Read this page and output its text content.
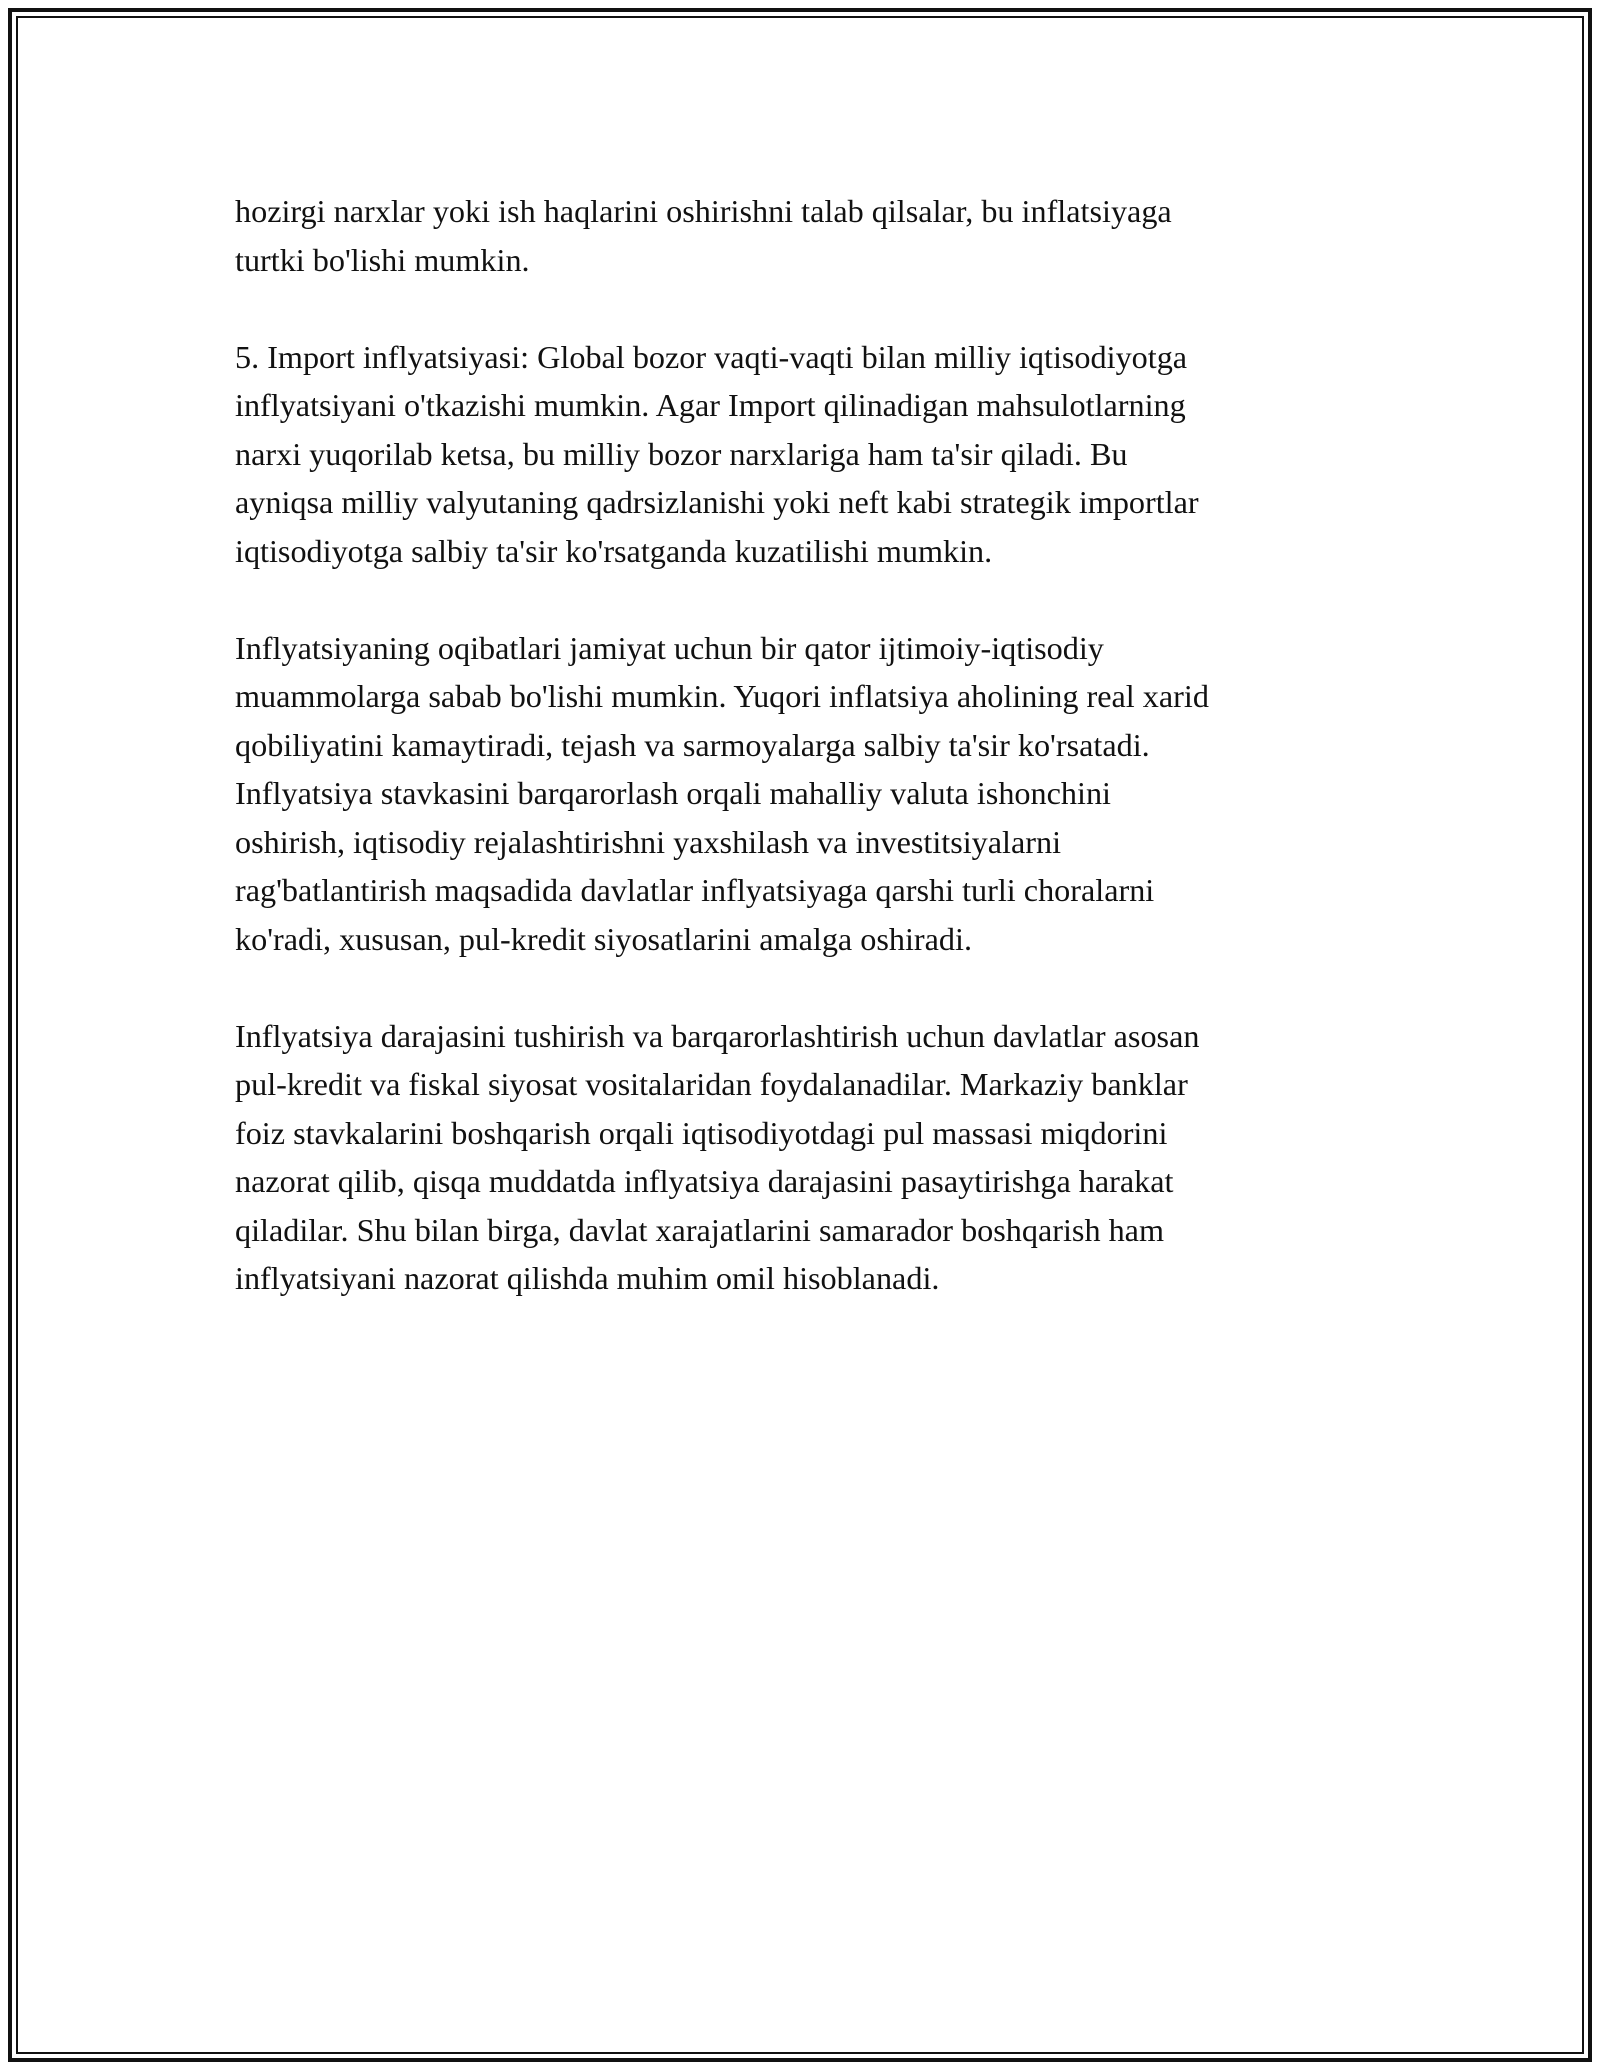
hozirgi narxlar yoki ish haqlarini oshirishni talab qilsalar, bu inflatsiyaga
turtki bo'lishi mumkin.

5. Import inflyatsiyasi: Global bozor vaqti-vaqti bilan milliy iqtisodiyotga
inflyatsiyani o'tkazishi mumkin. Agar Import qilinadigan mahsulotlarning
narxi yuqorilab ketsa, bu milliy bozor narxlariga ham ta'sir qiladi. Bu
ayniqsa milliy valyutaning qadrsizlanishi yoki neft kabi strategik importlar
iqtisodiyotga salbiy ta'sir ko'rsatganda kuzatilishi mumkin.

Inflyatsiyaning oqibatlari jamiyat uchun bir qator ijtimoiy-iqtisodiy
muammolarga sabab bo'lishi mumkin. Yuqori inflatsiya aholining real xarid
qobiliyatini kamaytiradi, tejash va sarmoyalarga salbiy ta'sir ko'rsatadi.
Inflyatsiya stavkasini barqarorlash orqali mahalliy valuta ishonchini
oshirish, iqtisodiy rejalashtirishni yaxshilash va investitsiyalarni
rag'batlantirish maqsadida davlatlar inflyatsiyaga qarshi turli choralarni
ko'radi, xususan, pul-kredit siyosatlarini amalga oshiradi.

Inflyatsiya darajasini tushirish va barqarorlashtirish uchun davlatlar asosan
pul-kredit va fiskal siyosat vositalaridan foydalanadilar. Markaziy banklar
foiz stavkalarini boshqarish orqali iqtisodiyotdagi pul massasi miqdorini
nazorat qilib, qisqa muddatda inflyatsiya darajasini pasaytirishga harakat
qiladilar. Shu bilan birga, davlat xarajatlarini samarador boshqarish ham
inflyatsiyani nazorat qilishda muhim omil hisoblanadi.
